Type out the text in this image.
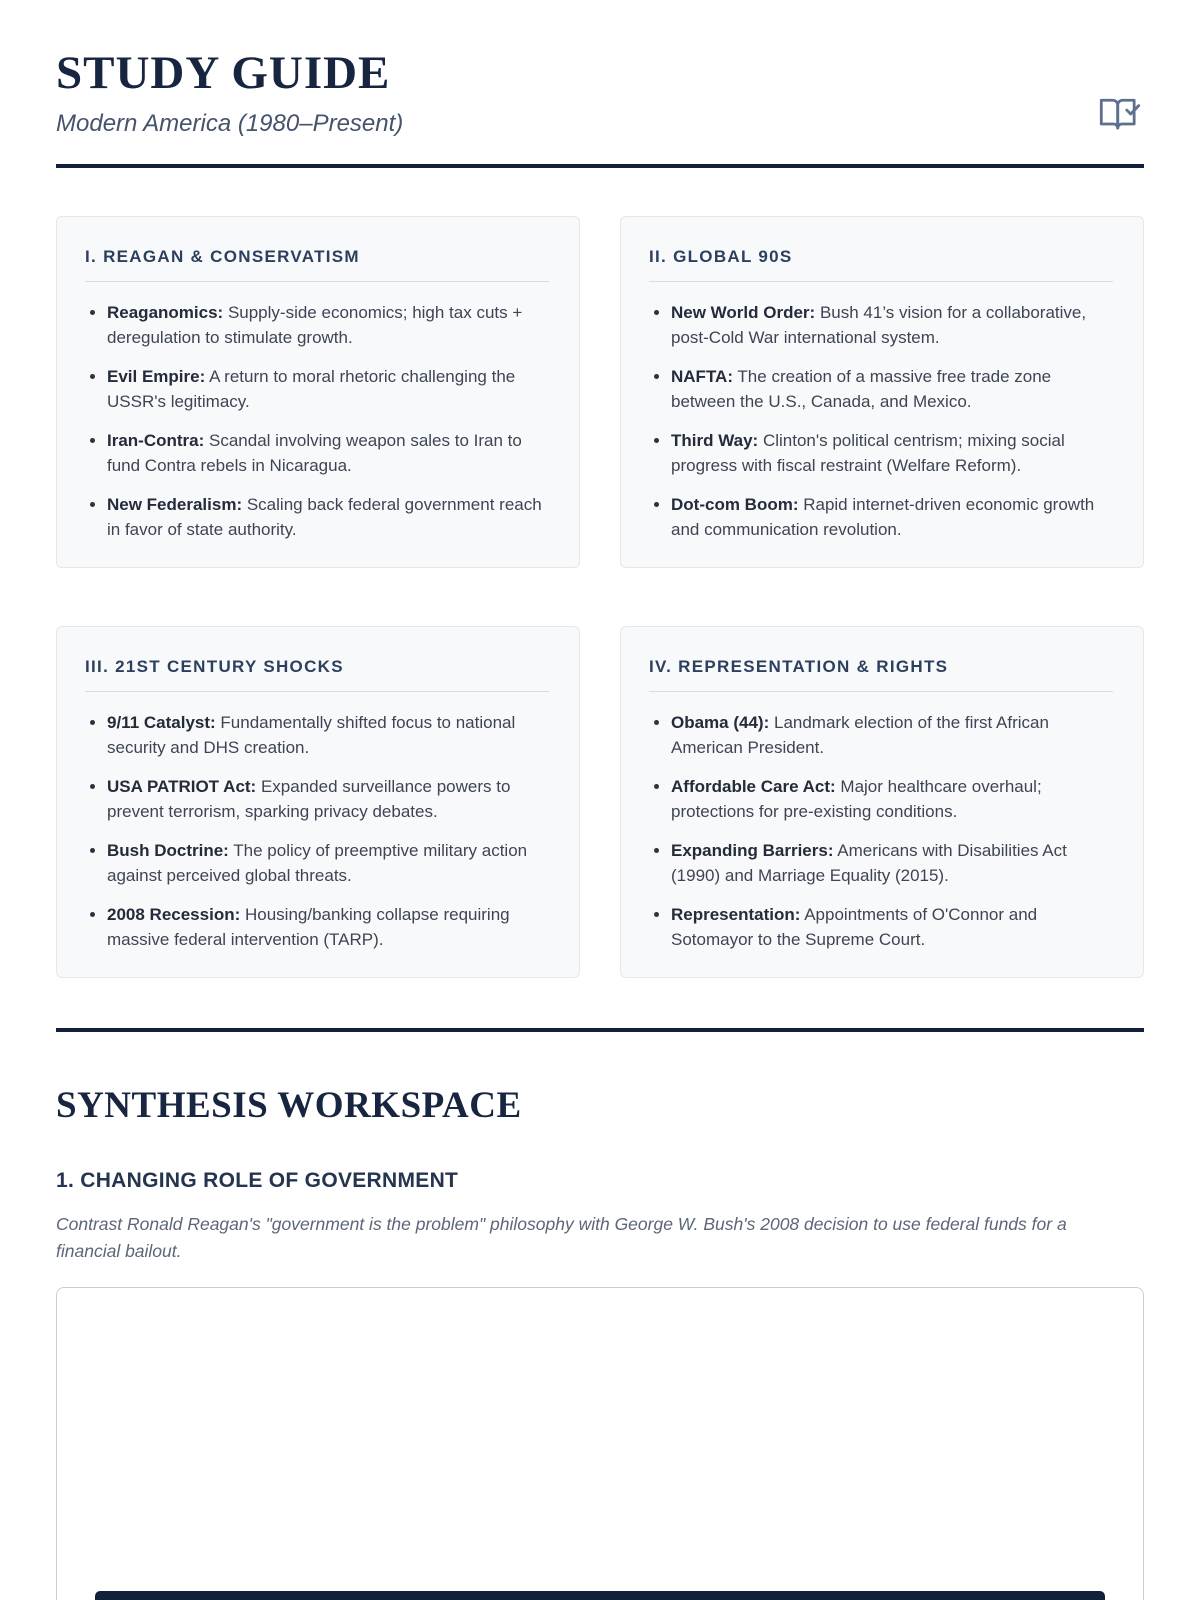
STUDY GUIDE
Modern America (1980–Present)
I. REAGAN & CONSERVATISM
• Reaganomics: Supply-side economics; high tax cuts + deregulation to stimulate growth.
• Evil Empire: A return to moral rhetoric challenging the USSR's legitimacy.
• Iran-Contra: Scandal involving weapon sales to Iran to fund Contra rebels in Nicaragua.
• New Federalism: Scaling back federal government reach in favor of state authority.
II. GLOBAL 90S
• New World Order: Bush 41’s vision for a collaborative, post-Cold War international system.
• NAFTA: The creation of a massive free trade zone between the U.S., Canada, and Mexico.
• Third Way: Clinton's political centrism; mixing social progress with fiscal restraint (Welfare Reform).
• Dot-com Boom: Rapid internet-driven economic growth and communication revolution.
III. 21ST CENTURY SHOCKS
• 9/11 Catalyst: Fundamentally shifted focus to national security and DHS creation.
• USA PATRIOT Act: Expanded surveillance powers to prevent terrorism, sparking privacy debates.
• Bush Doctrine: The policy of preemptive military action against perceived global threats.
• 2008 Recession: Housing/banking collapse requiring massive federal intervention (TARP).
IV. REPRESENTATION & RIGHTS
• Obama (44): Landmark election of the first African American President.
• Affordable Care Act: Major healthcare overhaul; protections for pre-existing conditions.
• Expanding Barriers: Americans with Disabilities Act (1990) and Marriage Equality (2015).
• Representation: Appointments of O'Connor and Sotomayor to the Supreme Court.
SYNTHESIS WORKSPACE
1. CHANGING ROLE OF GOVERNMENT

Contrast Ronald Reagan's "government is the problem" philosophy with George W. Bush's 2008 decision to use federal funds for a financial bailout.
